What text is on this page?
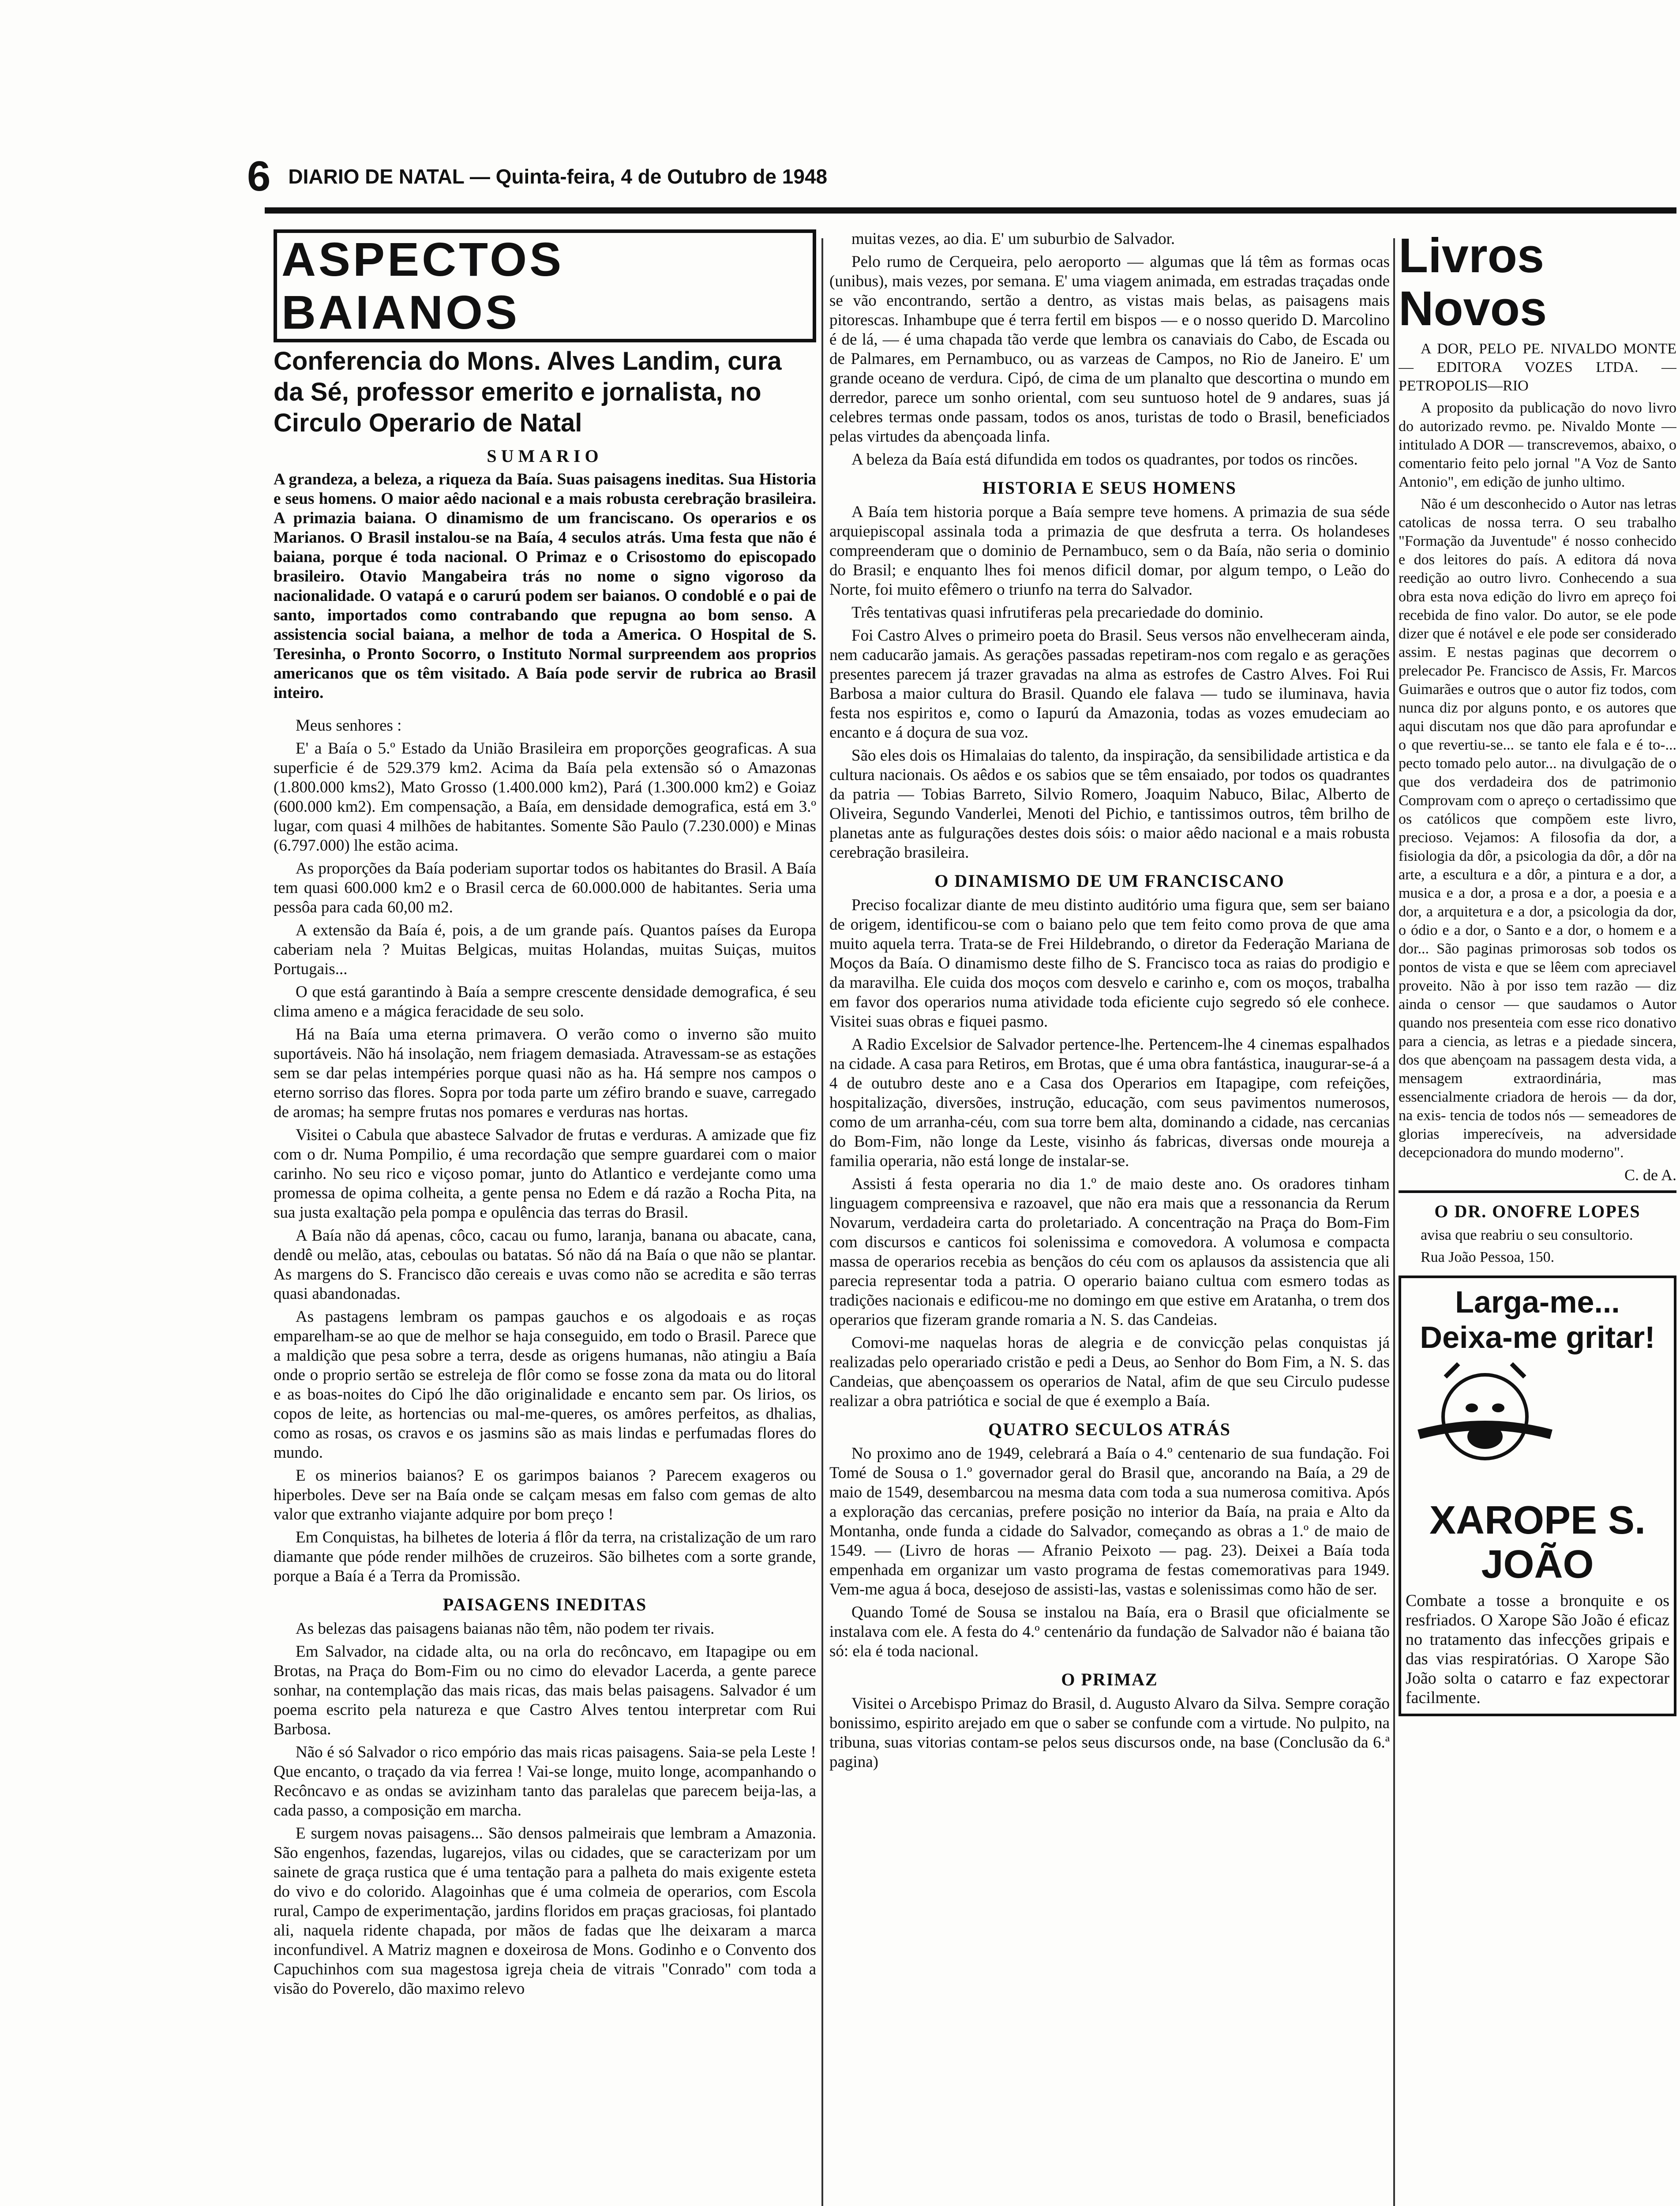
6 DIARIO DE NATAL — Quinta-feira, 4 de Outubro de 1948
ASPECTOS BAIANOS
Conferencia do Mons. Alves Landim, cura da Sé, professor emerito e jornalista, no Circulo Operario de Natal
SUMARIO
A grandeza, a beleza, a riqueza da Baía. Suas paisagens ineditas. Sua Historia e seus homens. O maior aêdo nacional e a mais robusta cerebração brasileira. A primazia baiana. O dinamismo de um franciscano. Os operarios e os Marianos. O Brasil instalou-se na Baía, 4 seculos atrás. Uma festa que não é baiana, porque é toda nacional. O Primaz e o Crisostomo do episcopado brasileiro. Otavio Mangabeira trás no nome o signo vigoroso da nacionalidade. O vatapá e o carurú podem ser baianos. O condoblé e o pai de santo, importados como contrabando que repugna ao bom senso. A assistencia social baiana, a melhor de toda a America. O Hospital de S. Teresinha, o Pronto Socorro, o Instituto Normal surpreendem aos proprios americanos que os têm visitado. A Baía pode servir de rubrica ao Brasil inteiro.

Meus senhores :

E' a Baía o 5.º Estado da União Brasileira em proporções geograficas. A sua superficie é de 529.379 km2. Acima da Baía pela extensão só o Amazonas (1.800.000 kms2), Mato Grosso (1.400.000 km2), Pará (1.300.000 km2) e Goiaz (600.000 km2). Em compensação, a Baía, em densidade demografica, está em 3.º lugar, com quasi 4 milhões de habitantes. Somente São Paulo (7.230.000) e Minas (6.797.000) lhe estão acima.

As proporções da Baía poderiam suportar todos os habitantes do Brasil. A Baía tem quasi 600.000 km2 e o Brasil cerca de 60.000.000 de habitantes. Seria uma pessôa para cada 60,00 m2.

A extensão da Baía é, pois, a de um grande país. Quantos países da Europa caberiam nela ? Muitas Belgicas, muitas Holandas, muitas Suiças, muitos Portugais...

O que está garantindo à Baía a sempre crescente densidade demografica, é seu clima ameno e a mágica feracidade de seu solo.

Há na Baía uma eterna primavera. O verão como o inverno são muito suportáveis. Não há insolação, nem friagem demasiada. Atravessam-se as estações sem se dar pelas intempéries porque quasi não as ha. Há sempre nos campos o eterno sorriso das flores. Sopra por toda parte um zéfiro brando e suave, carregado de aromas; ha sempre frutas nos pomares e verduras nas hortas.

Visitei o Cabula que abastece Salvador de frutas e verduras. A amizade que fiz com o dr. Numa Pompilio, é uma recordação que sempre guardarei com o maior carinho. No seu rico e viçoso pomar, junto do Atlantico e verdejante como uma promessa de opima colheita, a gente pensa no Edem e dá razão a Rocha Pita, na sua justa exaltação pela pompa e opulência das terras do Brasil.

A Baía não dá apenas, côco, cacau ou fumo, laranja, banana ou abacate, cana, dendê ou melão, atas, ceboulas ou batatas. Só não dá na Baía o que não se plantar. As margens do S. Francisco dão cereais e uvas como não se acredita e são terras quasi abandonadas.

As pastagens lembram os pampas gauchos e os algodoais e as roças emparelham-se ao que de melhor se haja conseguido, em todo o Brasil. Parece que a maldição que pesa sobre a terra, desde as origens humanas, não atingiu a Baía onde o proprio sertão se estreleja de flôr como se fosse zona da mata ou do litoral e as boas-noites do Cipó lhe dão originalidade e encanto sem par. Os lirios, os copos de leite, as hortencias ou mal-me-queres, os amôres perfeitos, as dhalias, como as rosas, os cravos e os jasmins são as mais lindas e perfumadas flores do mundo.

E os minerios baianos? E os garimpos baianos ? Parecem exageros ou hiperboles. Deve ser na Baía onde se calçam mesas em falso com gemas de alto valor que extranho viajante adquire por bom preço !

Em Conquistas, ha bilhetes de loteria á flôr da terra, na cristalização de um raro diamante que póde render milhões de cruzeiros. São bilhetes com a sorte grande, porque a Baía é a Terra da Promissão.

PAISAGENS INEDITAS

As belezas das paisagens baianas não têm, não podem ter rivais.

Em Salvador, na cidade alta, ou na orla do recôncavo, em Itapagipe ou em Brotas, na Praça do Bom-Fim ou no cimo do elevador Lacerda, a gente parece sonhar, na contemplação das mais ricas, das mais belas paisagens. Salvador é um poema escrito pela natureza e que Castro Alves tentou interpretar com Rui Barbosa.

Não é só Salvador o rico empório das mais ricas paisagens. Saia-se pela Leste ! Que encanto, o traçado da via ferrea ! Vai-se longe, muito longe, acompanhando o Recôncavo e as ondas se avizinham tanto das paralelas que parecem beija-las, a cada passo, a composição em marcha.

E surgem novas paisagens... São densos palmeirais que lembram a Amazonia. São engenhos, fazendas, lugarejos, vilas ou cidades, que se caracterizam por um sainete de graça rustica que é uma tentação para a palheta do mais exigente esteta do vivo e do colorido. Alagoinhas que é uma colmeia de operarios, com Escola rural, Campo de experimentação, jardins floridos em praças graciosas, foi plantado ali, naquela ridente chapada, por mãos de fadas que lhe deixaram a marca inconfundivel. A Matriz magnen e doxeirosa de Mons. Godinho e o Convento dos Capuchinhos com sua magestosa igreja cheia de vitrais "Conrado" com toda a visão do Poverelo, dão maximo relevo

muitas vezes, ao dia. E' um suburbio de Salvador.

Pelo rumo de Cerqueira, pelo aeroporto — algumas que lá têm as formas ocas (unibus), mais vezes, por semana. E' uma viagem animada, em estradas traçadas onde se vão encontrando, sertão a dentro, as vistas mais belas, as paisagens mais pitorescas. Inhambupe que é terra fertil em bispos — e o nosso querido D. Marcolino é de lá, — é uma chapada tão verde que lembra os canaviais do Cabo, de Escada ou de Palmares, em Pernambuco, ou as varzeas de Campos, no Rio de Janeiro. E' um grande oceano de verdura. Cipó, de cima de um planalto que descortina o mundo em derredor, parece um sonho oriental, com seu suntuoso hotel de 9 andares, suas já celebres termas onde passam, todos os anos, turistas de todo o Brasil, beneficiados pelas virtudes da abençoada linfa.

A beleza da Baía está difundida em todos os quadrantes, por todos os rincões.

HISTORIA E SEUS HOMENS

A Baía tem historia porque a Baía sempre teve homens. A primazia de sua séde arquiepiscopal assinala toda a primazia de que desfruta a terra. Os holandeses compreenderam que o dominio de Pernambuco, sem o da Baía, não seria o dominio do Brasil; e enquanto lhes foi menos dificil domar, por algum tempo, o Leão do Norte, foi muito efêmero o triunfo na terra do Salvador.

Três tentativas quasi infrutiferas pela precariedade do dominio.

Foi Castro Alves o primeiro poeta do Brasil. Seus versos não envelheceram ainda, nem caducarão jamais. As gerações passadas repetiram-nos com regalo e as gerações presentes parecem já trazer gravadas na alma as estrofes de Castro Alves. Foi Rui Barbosa a maior cultura do Brasil. Quando ele falava — tudo se iluminava, havia festa nos espiritos e, como o Iapurú da Amazonia, todas as vozes emudeciam ao encanto e á doçura de sua voz.

São eles dois os Himalaias do talento, da inspiração, da sensibilidade artistica e da cultura nacionais. Os aêdos e os sabios que se têm ensaiado, por todos os quadrantes da patria — Tobias Barreto, Silvio Romero, Joaquim Nabuco, Bilac, Alberto de Oliveira, Segundo Vanderlei, Menoti del Pichio, e tantissimos outros, têm brilho de planetas ante as fulgurações destes dois sóis: o maior aêdo nacional e a mais robusta cerebração brasileira.

O DINAMISMO DE UM FRANCISCANO

Preciso focalizar diante de meu distinto auditório uma figura que, sem ser baiano de origem, identificou-se com o baiano pelo que tem feito como prova de que ama muito aquela terra. Trata-se de Frei Hildebrando, o diretor da Federação Mariana de Moços da Baía. O dinamismo deste filho de S. Francisco toca as raias do prodigio e da maravilha. Ele cuida dos moços com desvelo e carinho e, com os moços, trabalha em favor dos operarios numa atividade toda eficiente cujo segredo só ele conhece. Visitei suas obras e fiquei pasmo.

A Radio Excelsior de Salvador pertence-lhe. Pertencem-lhe 4 cinemas espalhados na cidade. A casa para Retiros, em Brotas, que é uma obra fantástica, inaugurar-se-á a 4 de outubro deste ano e a Casa dos Operarios em Itapagipe, com refeições, hospitalização, diversões, instrução, educação, com seus pavimentos numerosos, como de um arranha-céu, com sua torre bem alta, dominando a cidade, nas cercanias do Bom-Fim, não longe da Leste, visinho ás fabricas, diversas onde moureja a familia operaria, não está longe de instalar-se.

Assisti á festa operaria no dia 1.º de maio deste ano. Os oradores tinham linguagem compreensiva e razoavel, que não era mais que a ressonancia da Rerum Novarum, verdadeira carta do proletariado. A concentração na Praça do Bom-Fim com discursos e canticos foi solenissima e comovedora. A volumosa e compacta massa de operarios recebia as bençãos do céu com os aplausos da assistencia que ali parecia representar toda a patria. O operario baiano cultua com esmero todas as tradições nacionais e edificou-me no domingo em que estive em Aratanha, o trem dos operarios que fizeram grande romaria a N. S. das Candeias.

Comovi-me naquelas horas de alegria e de convicção pelas conquistas já realizadas pelo operariado cristão e pedi a Deus, ao Senhor do Bom Fim, a N. S. das Candeias, que abençoassem os operarios de Natal, afim de que seu Circulo pudesse realizar a obra patriótica e social de que é exemplo a Baía.

QUATRO SECULOS ATRÁS

No proximo ano de 1949, celebrará a Baía o 4.º centenario de sua fundação. Foi Tomé de Sousa o 1.º governador geral do Brasil que, ancorando na Baía, a 29 de maio de 1549, desembarcou na mesma data com toda a sua numerosa comitiva. Após a exploração das cercanias, prefere posição no interior da Baía, na praia e Alto da Montanha, onde funda a cidade do Salvador, começando as obras a 1.º de maio de 1549. — (Livro de horas — Afranio Peixoto — pag. 23). Deixei a Baía toda empenhada em organizar um vasto programa de festas comemorativas para 1949. Vem-me agua á boca, desejoso de assisti-las, vastas e solenissimas como hão de ser.

Quando Tomé de Sousa se instalou na Baía, era o Brasil que oficialmente se instalava com ele. A festa do 4.º centenário da fundação de Salvador não é baiana tão só: ela é toda nacional.

O PRIMAZ

Visitei o Arcebispo Primaz do Brasil, d. Augusto Alvaro da Silva. Sempre coração bonissimo, espirito arejado em que o saber se confunde com a virtude. No pulpito, na tribuna, suas vitorias contam-se pelos seus discursos onde, na base (Conclusão da 6.ª pagina)

Livros Novos

A DOR, PELO PE. NIVALDO MONTE — EDITORA VOZES LTDA. — PETROPOLIS—RIO

A proposito da publicação do novo livro do autorizado revmo. pe. Nivaldo Monte — intitulado A DOR — transcrevemos, abaixo, o comentario feito pelo jornal "A Voz de Santo Antonio", em edição de junho ultimo.

Não é um desconhecido o Autor nas letras catolicas de nossa terra. O seu trabalho "Formação da Juventude" é nosso conhecido e dos leitores do país. A editora dá nova reedição ao outro livro. Conhecendo a sua obra esta nova edição do livro em apreço foi recebida de fino valor. Do autor, se ele pode dizer que é notável e ele pode ser considerado assim. E nestas paginas que decorrem o prelecador Pe. Francisco de Assis, Fr. Marcos Guimarães e outros que o autor fiz todos, com nunca diz por alguns ponto, e os autores que aqui discutam nos que dão para aprofundar e o que revertiu-se... se tanto ele fala e é to-... pecto tomado pelo autor... na divulgação de o que dos verdadeira dos de patrimonio Comprovam com o apreço o certadissimo que os católicos que compõem este livro, precioso. Vejamos: A filosofia da dor, a fisiologia da dôr, a psicologia da dôr, a dôr na arte, a escultura e a dôr, a pintura e a dor, a musica e a dor, a prosa e a dor, a poesia e a dor, a arquitetura e a dor, a psicologia da dor, o ódio e a dor, o Santo e a dor, o homem e a dor... São paginas primorosas sob todos os pontos de vista e que se lêem com apreciavel proveito. Não à por isso tem razão — diz ainda o censor — que saudamos o Autor quando nos presenteia com esse rico donativo para a ciencia, as letras e a piedade sincera, dos que abençoam na passagem desta vida, a mensagem extraordinária, mas essencialmente criadora de herois — da dor, na exis- tencia de todos nós — semeadores de glorias imperecíveis, na adversidade decepcionadora do mundo moderno".

C. de A.
O DR. ONOFRE LOPES

avisa que reabriu o seu consultorio.

Rua João Pessoa, 150.

Larga-me... Deixa-me gritar!
XAROPE S. JOÃO
Combate a tosse a bronquite e os resfriados. O Xarope São João é eficaz no tratamento das infecções gripais e das vias respiratórias. O Xarope São João solta o catarro e faz expectorar facilmente.
